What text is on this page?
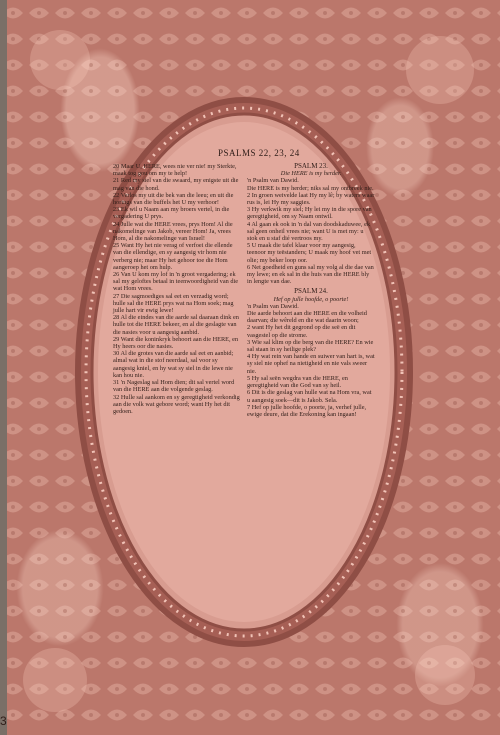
PSALMS 22, 23, 24

20 Maar U, HERE, wees nie ver nie! my Sterkte, maak tog gou om my te help!

21 Red my siel van die swaard, my enigste uit die mag van die hond.

22 Verlos my uit die bek van die leeu; en uit die horings van die buffels het U my verhoor!

23 Ek wil u Naam aan my broers vertel, in die vergadering U prys.

24 Julle wat die HERE vrees, prys Hom! Al die nakomelinge van Jakob, vereer Hom! Ja, vrees Hom, al die nakomelinge van Israel!

25 Want Hy het nie verag of verfoei die ellende van die ellendige, en sy aangesig vir hom nie verberg nie; maar Hy het gehoor toe die Hom aangeroep het om hulp.

26 Van U kom my lof in 'n groot vergadering; ek sal my geloftes betaal in teenwoordigheid van die wat Hom vrees.

27 Die sagmoediges sal eet en verzadig word; hulle sal die HERE prys wat na Hom soek; mag julle hart vir ewig lewe!

28 Al die eindes van die aarde sal daaraan dink en hulle tot die HERE bekeer, en al die geslagte van die nasies voor u aangesig aanbid.

29 Want die koninkryk behoort aan die HERE, en Hy heers oor die nasies.

30 Al die grotes van die aarde sal eet en aanbid; almal wat in die stof neerdaal, sal voor sy aangesig kniel, en hy wat sy siel in die lewe nie kan hou nie.

31 'n Nageslag sal Hom dien; dit sal vertel word van die HERE aan die volgende geslag.

32 Hulle sal aankom en sy geregtigheid verkondig aan die volk wat gebore word; want Hy het dit gedoen.

PSALM 23.

Die HERE is my herder.

'n Psalm van Dawid.

Die HERE is my herder; niks sal my ontbreek nie.

2 In groen weivelde laat Hy my lê; by waters waar rus is, lei Hy my saggies.

3 Hy verkwik my siel; Hy lei my in die spore van geregtigheid, om sy Naam ontwil.

4 Al gaan ek ook in 'n dal van doodskaduwee, ek sal geen onheil vrees nie; want U is met my: u stok en u staf dié vertroos my.

5 U maak die tafel klaar voor my aangesig, teenoor my teëstanders; U maak my hoof vet met olie; my beker loop oor.

6 Net goedheid en guns sal my volg al die dae van my lewe; en ek sal in die huis van die HERE bly in lengte van dae.

PSALM 24.

Hef op julle hoofde, o poorte!

'n Psalm van Dawid.

Die aarde behoort aan die HERE en die volheid daarvan; die wêreld en die wat daarin woon;

2 want Hy het dit gegrond op die seë en dit vasgestel op die strome.

3 Wie sal klim op die berg van die HERE? En wie sal staan in sy heilige plek?

4 Hy wat rein van hande en suiwer van hart is, wat sy siel nie ophef na nietigheid en nie vals sweer nie.

5 Hy sal seën wegdra van die HERE, en geregtigheid van die God van sy heil.

6 Dit is die geslag van hulle wat na Hom vra, wat u aangesig soek—dit is Jakob. Sela.

7 Hef op julle hoofde, o poorte, ja, verhef julle, ewige deure, dat die Erekoning kan ingaan!

3
